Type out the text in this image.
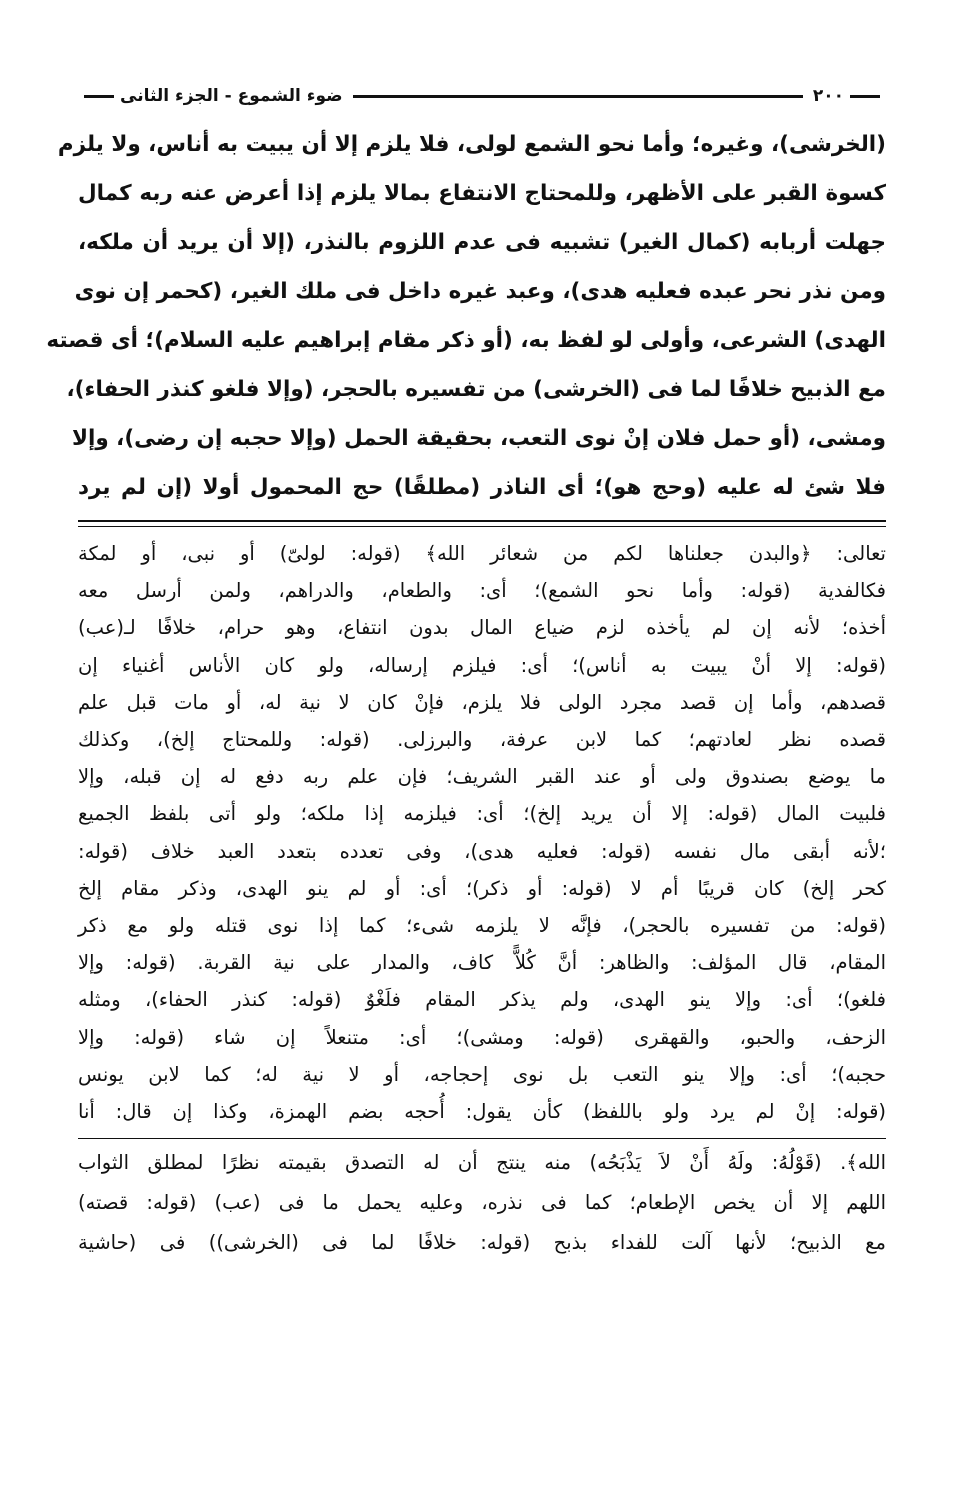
٢٠٠
ضوء الشموع - الجزء الثانى

(الخرشى)، وغيره؛ وأما نحو الشمع لولى، فلا يلزم إلا أن يبيت به أناس، ولا يلزم

كسوة القبر على الأظهر، وللمحتاج الانتفاع بمالا يلزم إذا أعرض عنه ربه كمال

جهلت أربابه (كمال الغير) تشبيه فى عدم اللزوم بالنذر، (إلا أن يريد أن ملكه،

ومن نذر نحر عبده فعليه هدى)، وعبد غيره داخل فى ملك الغير، (كحمر إن نوى

الهدى) الشرعى، وأولى لو لفظ به، (أو ذكر مقام إبراهيم عليه السلام)؛ أى قصته

مع الذبيح خلافًا لما فى (الخرشى) من تفسيره بالحجر، (وإلا فلغو كنذر الحفاء)،

ومشى، (أو حمل فلان إنْ نوى التعب، بحقيقة الحمل (وإلا حجبه إن رضى)، وإلا

فلا شئ له عليه (وحج هو)؛ أى الناذر (مطلقًا) حج المحمول أولا (إن لم يرد

تعالى: ﴿والبدن جعلناها لكم من شعائر الله﴾ (قوله: لولىّ) أو نبى، أو لمكة

فكالفدية (قوله: وأما نحو الشمع)؛ أى: والطعام، والدراهم، ولمن أرسل معه

أخذه؛ لأنه إن لم يأخذه لزم ضياع المال بدون انتفاع، وهو حرام، خلافًا لـ(عب)

(قوله: إلا أنْ يبيت به أناس)؛ أى: فيلزم إرساله، ولو كان الأناس أغنياء إن

قصدهم، وأما إن قصد مجرد الولى فلا يلزم، فإنْ كان لا نية له، أو مات قبل علم

قصده نظر لعادتهم؛ كما لابن عرفة، والبرزلى. (قوله: وللمحتاج إلخ)، وكذلك

ما يوضع بصندوق ولى أو عند القبر الشريف؛ فإن علم ربه دفع له إن قبله، وإلا

فلبيت المال (قوله: إلا أن يريد إلخ)؛ أى: فيلزمه إذا ملكه؛ ولو أتى بلفظ الجميع

؛لأنه أبقى مال نفسه (قوله: فعليه هدى)، وفى تعدده بتعدد العبد خلاف (قوله:

كحر إلخ) كان قريبًا أم لا (قوله: أو ذكر)؛ أى: أو لم ينو الهدى، وذكر مقام إلخ

(قوله: من تفسيره بالحجر)، فإنَّه لا يلزمه شىء؛ كما إذا نوى قتله ولو مع ذكر

المقام، قال المؤلف: والظاهر: أنَّ كُلاًّ كاف، والمدار على نية القربة. (قوله: وإلا

فلغو)؛ أى: وإلا ينو الهدى، ولم يذكر المقام فلَغْوٌ (قوله: كنذر الحفاء)، ومثله

الزحف، والحبو، والقهقرى (قوله: ومشى)؛ أى: متنعلاً إن شاء (قوله: وإلا

حجبه)؛ أى: وإلا ينو التعب بل نوى إحجاجه، أو لا نية له؛ كما لابن يونس

(قوله: إنْ لم يرد ولو باللفظ) كأن يقول: أُحجه بضم الهمزة، وكذا إن قال: أنا

الله﴾. (قَوْلُهُ: ولَهُ أَنْ لاَ يَذْبَحُه) منه ينتج أن له التصدق بقيمته نظرًا لمطلق الثواب

اللهم إلا أن يخص الإطعام؛ كما فى نذره، وعليه يحمل ما فى (عب) (قوله: قصته)

مع الذبيح؛ لأنها آلت للفداء بذبح (قوله: خلافًا لما فى (الخرشى)) فى (حاشية
